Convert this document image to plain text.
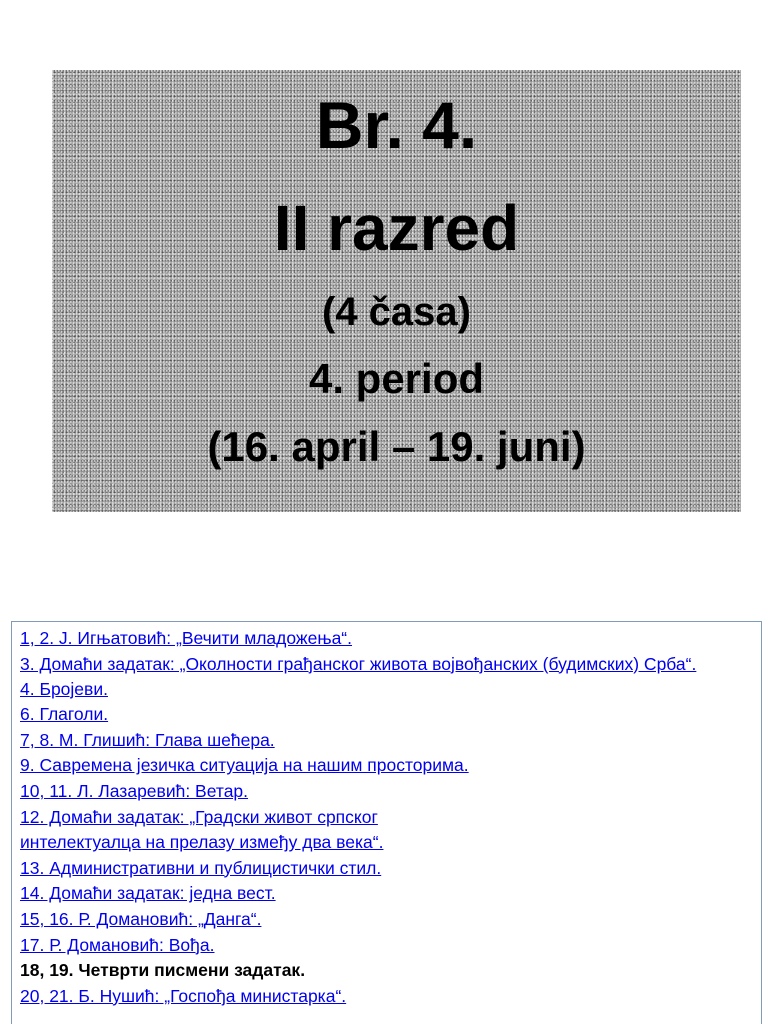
Br. 4.
II razred
(4 časa)
4. period
(16. april – 19. juni)
1, 2. Ј. Игњатовић: „Вечити младожења“.
3. Домаћи задатак: „Околности грађанског живота војвођанских (будимских) Срба“.
4. Бројеви.
6. Глаголи.
7, 8. М. Глишић: Глава шећера.
9. Савремена језичка ситуација на нашим просторима.
10, 11. Л. Лазаревић: Ветар.
12. Домаћи задатак: „Градски живот српског
интелектуалца на прелазу између два века“.
13. Административни и публицистички стил.
14. Домаћи задатак: једна вест.
15, 16. Р. Домановић: „Данга“.
17. Р. Домановић: Вођа.
18, 19. Четврти писмени задатак.
20, 21. Б. Нушић: „Госпођа министарка“.
